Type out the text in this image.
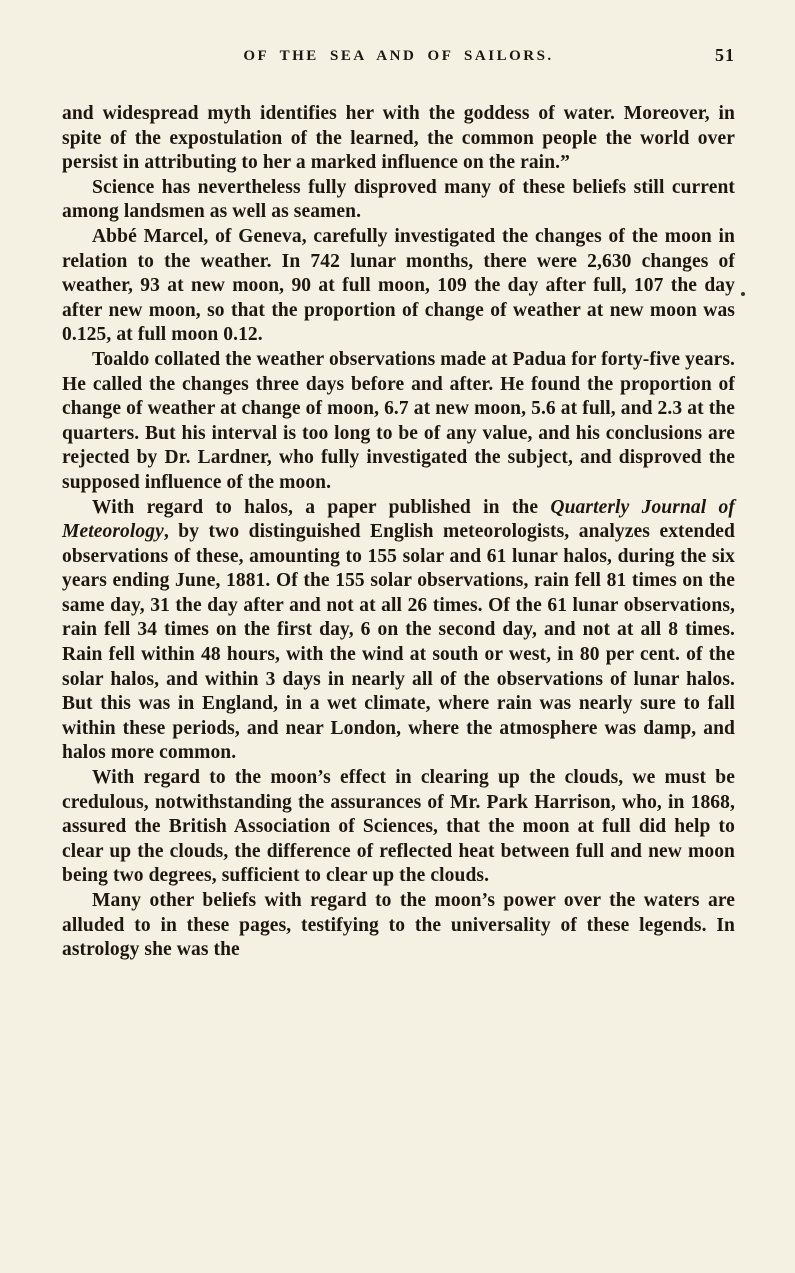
OF THE SEA AND OF SAILORS.	51

and widespread myth identifies her with the goddess of water. Moreover, in spite of the expostulation of the learned, the common people the world over persist in attributing to her a marked influence on the rain.”

Science has nevertheless fully disproved many of these beliefs still current among landsmen as well as seamen.

Abbé Marcel, of Geneva, carefully investigated the changes of the moon in relation to the weather. In 742 lunar months, there were 2,630 changes of weather, 93 at new moon, 90 at full moon, 109 the day after full, 107 the day after new moon, so that the proportion of change of weather at new moon was 0.125, at full moon 0.12.

Toaldo collated the weather observations made at Padua for forty-five years. He called the changes three days before and after. He found the proportion of change of weather at change of moon, 6.7 at new moon, 5.6 at full, and 2.3 at the quarters. But his interval is too long to be of any value, and his conclusions are rejected by Dr. Lardner, who fully investigated the subject, and disproved the supposed influence of the moon.

With regard to halos, a paper published in the Quarterly Journal of Meteorology, by two distinguished English meteorologists, analyzes extended observations of these, amounting to 155 solar and 61 lunar halos, during the six years ending June, 1881. Of the 155 solar observations, rain fell 81 times on the same day, 31 the day after and not at all 26 times. Of the 61 lunar observations, rain fell 34 times on the first day, 6 on the second day, and not at all 8 times. Rain fell within 48 hours, with the wind at south or west, in 80 per cent. of the solar halos, and within 3 days in nearly all of the observations of lunar halos. But this was in England, in a wet climate, where rain was nearly sure to fall within these periods, and near London, where the atmosphere was damp, and halos more common.

With regard to the moon’s effect in clearing up the clouds, we must be credulous, notwithstanding the assurances of Mr. Park Harrison, who, in 1868, assured the British Association of Sciences, that the moon at full did help to clear up the clouds, the difference of reflected heat between full and new moon being two degrees, sufficient to clear up the clouds.

Many other beliefs with regard to the moon’s power over the waters are alluded to in these pages, testifying to the universality of these legends. In astrology she was the
